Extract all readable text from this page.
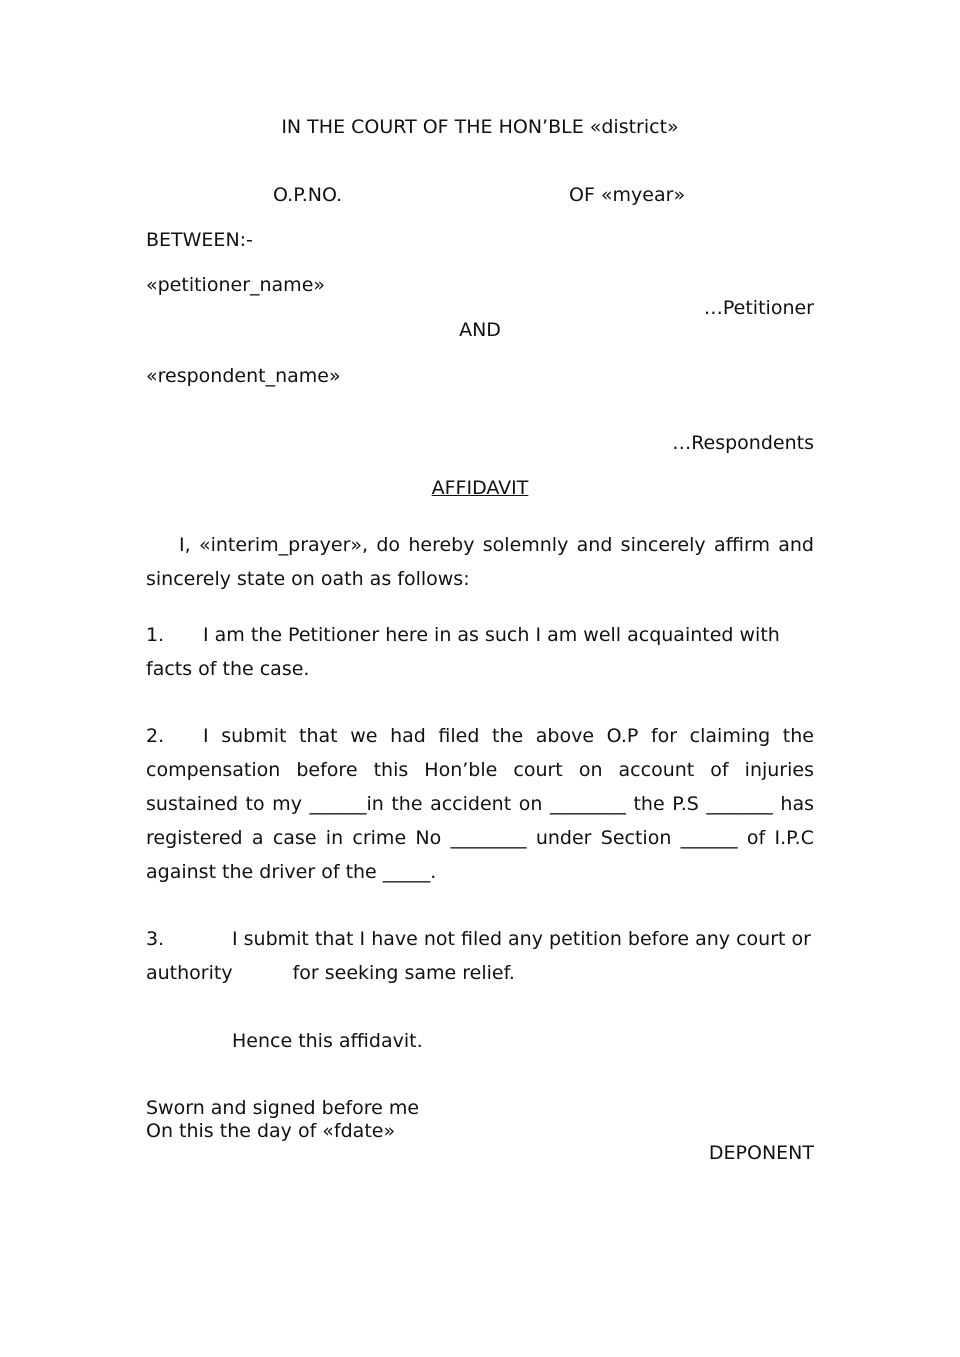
IN THE COURT OF THE HON’BLE «district»
O.P.NO.	OF «myear»
BETWEEN:-
«petitioner_name»
…Petitioner
AND
«respondent_name»
…Respondents
AFFIDAVIT
I, «interim_prayer», do hereby solemnly and sincerely affirm and sincerely state on oath as follows:
1. I am the Petitioner here in as such I am well acquainted with facts of the case.
2. I submit that we had filed the above O.P for claiming the compensation before this Hon’ble court on account of injuries sustained to my ______in the accident on ________ the P.S _______ has registered a case in crime No ________ under Section ______ of I.P.C against the driver of the _____.
3.	I submit that I have not filed any petition before any court or authority	for seeking same relief.
Hence this affidavit.
Sworn and signed before me
On this the day of «fdate»
DEPONENT
